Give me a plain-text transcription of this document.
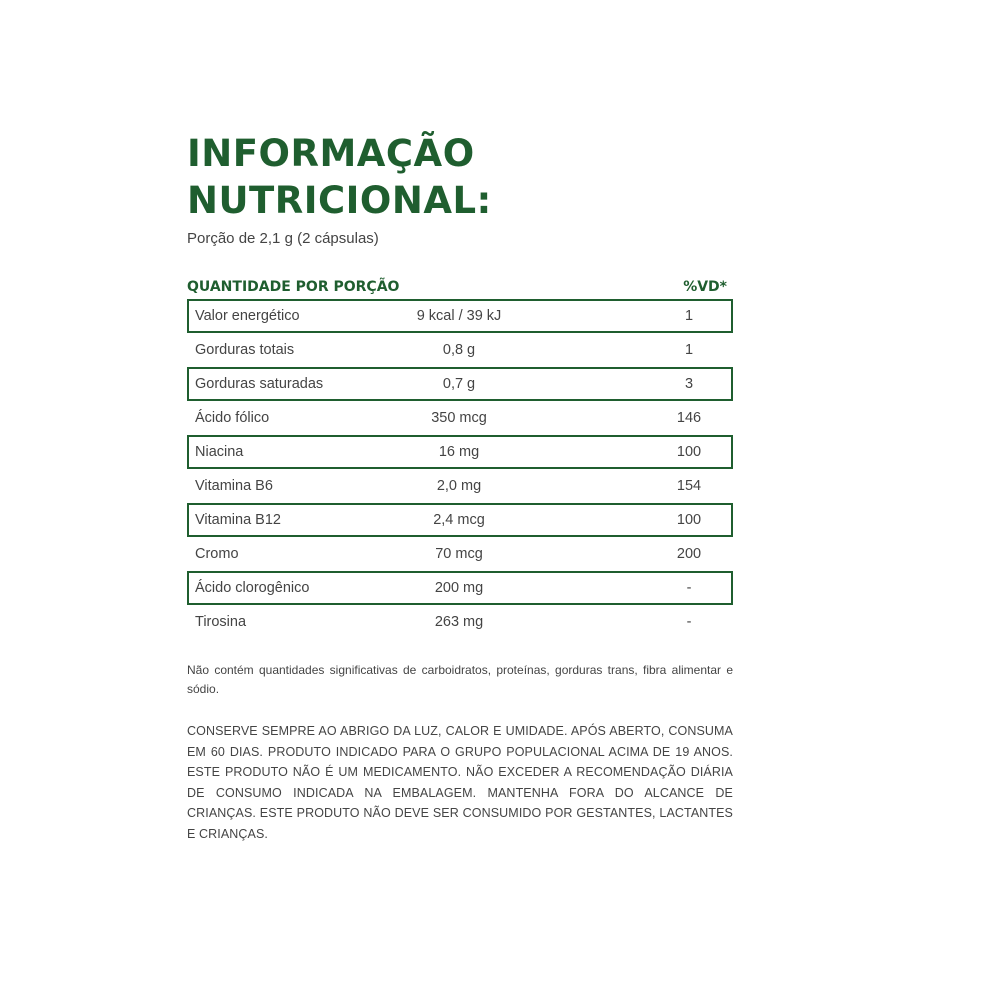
INFORMAÇÃO
NUTRICIONAL:
Porção de 2,1 g (2 cápsulas)
QUANTIDADE POR PORÇÃO	%VD*
Valor energético	9 kcal / 39 kJ	1
Gorduras totais	0,8 g	1
Gorduras saturadas	0,7 g	3
Ácido fólico	350 mcg	146
Niacina	16 mg	100
Vitamina B6	2,0 mg	154
Vitamina B12	2,4 mcg	100
Cromo	70 mcg	200
Ácido clorogênico	200 mg	-
Tirosina	263 mg	-

Não contém quantidades significativas de carboidratos, proteínas, gorduras trans, fibra alimentar e sódio.

CONSERVE SEMPRE AO ABRIGO DA LUZ, CALOR E UMIDADE. APÓS ABERTO, CONSUMA EM 60 DIAS. PRODUTO INDICADO PARA O GRUPO POPULACIONAL ACIMA DE 19 ANOS. ESTE PRODUTO NÃO É UM MEDICAMENTO. NÃO EXCEDER A RECOMENDAÇÃO DIÁRIA DE CONSUMO INDICADA NA EMBALAGEM. MANTENHA FORA DO ALCANCE DE CRIANÇAS. ESTE PRODUTO NÃO DEVE SER CONSUMIDO POR GESTANTES, LACTANTES E CRIANÇAS.
